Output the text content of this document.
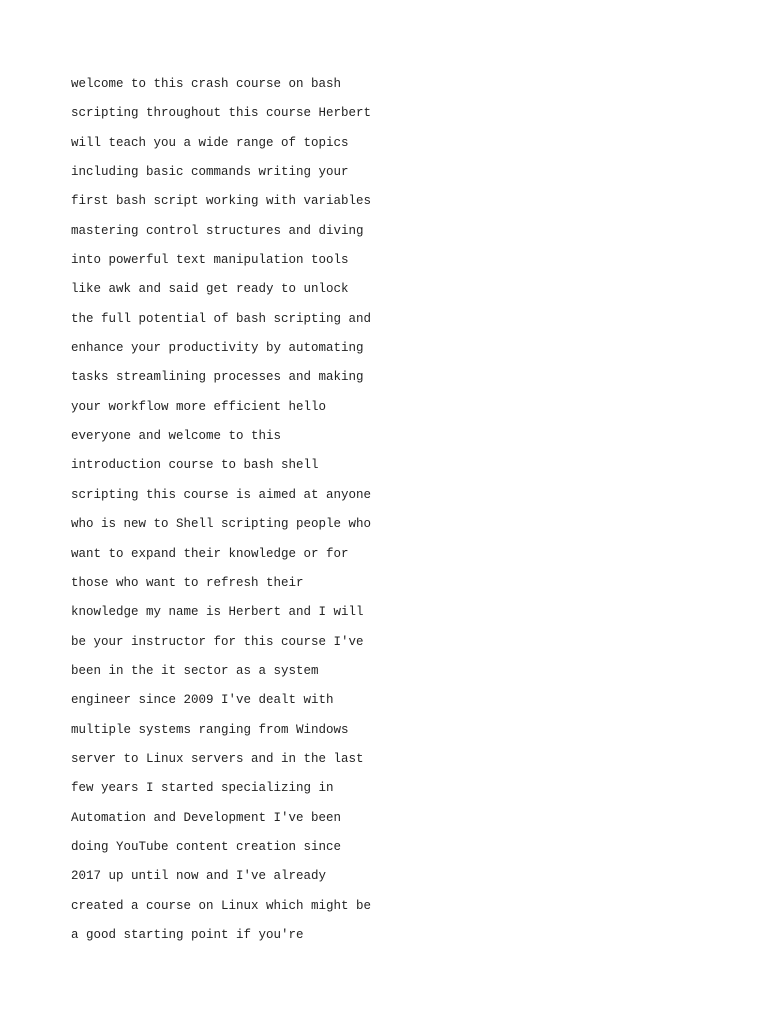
welcome to this crash course on bash
scripting throughout this course Herbert
will teach you a wide range of topics
including basic commands writing your
first bash script working with variables
mastering control structures and diving
into powerful text manipulation tools
like awk and said get ready to unlock
the full potential of bash scripting and
enhance your productivity by automating
tasks streamlining processes and making
your workflow more efficient hello
everyone and welcome to this
introduction course to bash shell
scripting this course is aimed at anyone
who is new to Shell scripting people who
want to expand their knowledge or for
those who want to refresh their
knowledge my name is Herbert and I will
be your instructor for this course I've
been in the it sector as a system
engineer since 2009 I've dealt with
multiple systems ranging from Windows
server to Linux servers and in the last
few years I started specializing in
Automation and Development I've been
doing YouTube content creation since
2017 up until now and I've already
created a course on Linux which might be
a good starting point if you're
